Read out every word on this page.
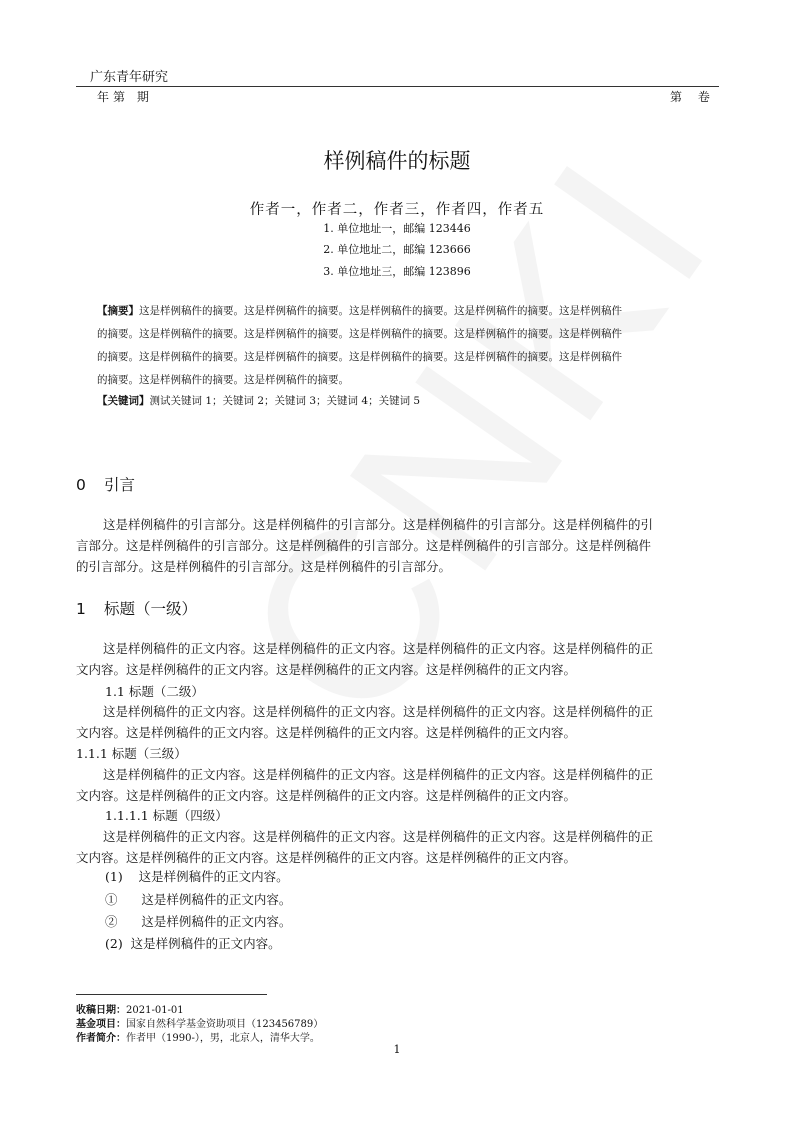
广东青年研究
年第 期	第 卷
样例稿件的标题
作者一，作者二，作者三，作者四，作者五
1. 单位地址一，邮编 123446
2. 单位地址二，邮编 123666
3. 单位地址三，邮编 123896
【摘要】这是样例稿件的摘要。这是样例稿件的摘要。这是样例稿件的摘要。这是样例稿件的摘要。这是样例稿件
的摘要。这是样例稿件的摘要。这是样例稿件的摘要。这是样例稿件的摘要。这是样例稿件的摘要。这是样例稿件
的摘要。这是样例稿件的摘要。这是样例稿件的摘要。这是样例稿件的摘要。这是样例稿件的摘要。这是样例稿件
的摘要。这是样例稿件的摘要。这是样例稿件的摘要。
【关键词】测试关键词 1；关键词 2；关键词 3；关键词 4；关键词 5
0 引言
这是样例稿件的引言部分。这是样例稿件的引言部分。这是样例稿件的引言部分。这是样例稿件的引
言部分。这是样例稿件的引言部分。这是样例稿件的引言部分。这是样例稿件的引言部分。这是样例稿件
的引言部分。这是样例稿件的引言部分。这是样例稿件的引言部分。
1 标题（一级）
这是样例稿件的正文内容。这是样例稿件的正文内容。这是样例稿件的正文内容。这是样例稿件的正
文内容。这是样例稿件的正文内容。这是样例稿件的正文内容。这是样例稿件的正文内容。
1.1 标题（二级）
这是样例稿件的正文内容。这是样例稿件的正文内容。这是样例稿件的正文内容。这是样例稿件的正
文内容。这是样例稿件的正文内容。这是样例稿件的正文内容。这是样例稿件的正文内容。
1.1.1 标题（三级）
这是样例稿件的正文内容。这是样例稿件的正文内容。这是样例稿件的正文内容。这是样例稿件的正
文内容。这是样例稿件的正文内容。这是样例稿件的正文内容。这是样例稿件的正文内容。
1.1.1.1 标题（四级）
这是样例稿件的正文内容。这是样例稿件的正文内容。这是样例稿件的正文内容。这是样例稿件的正
文内容。这是样例稿件的正文内容。这是样例稿件的正文内容。这是样例稿件的正文内容。
(1)    这是样例稿件的正文内容。
①      这是样例稿件的正文内容。
②      这是样例稿件的正文内容。
(2)  这是样例稿件的正文内容。
收稿日期：2021-01-01
基金项目：国家自然科学基金资助项目（123456789）
作者简介：作者甲（1990-），男，北京人，清华大学。
1
